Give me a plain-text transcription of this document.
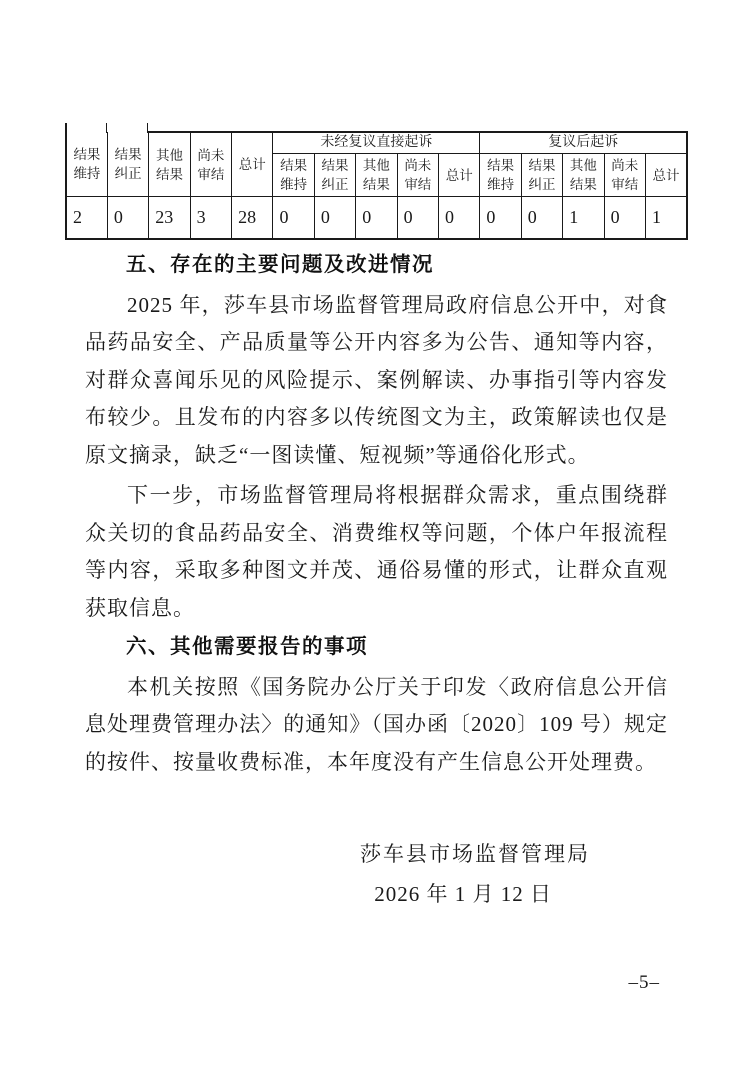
结果维持	结果纠正	其他结果	尚未审结	总计	未经复议直接起诉					复议后起诉				
					结果维持	结果纠正	其他结果	尚未审结	总计	结果维持	结果纠正	其他结果	尚未审结	总计
2	0	23	3	28	0	0	0	0	0	0	0	1	0	1
五、存在的主要问题及改进情况

2025 年，莎车县市场监督管理局政府信息公开中，对食品药品安全、产品质量等公开内容多为公告、通知等内容，对群众喜闻乐见的风险提示、案例解读、办事指引等内容发布较少。且发布的内容多以传统图文为主，政策解读也仅是原文摘录，缺乏“一图读懂、短视频”等通俗化形式。

下一步，市场监督管理局将根据群众需求，重点围绕群众关切的食品药品安全、消费维权等问题，个体户年报流程等内容，采取多种图文并茂、通俗易懂的形式，让群众直观获取信息。

六、其他需要报告的事项

本机关按照《国务院办公厅关于印发〈政府信息公开信息处理费管理办法〉的通知》（国办函〔2020〕109 号）规定的按件、按量收费标准，本年度没有产生信息公开处理费。

莎车县市场监督管理局
2026 年 1 月 12 日
–5–
